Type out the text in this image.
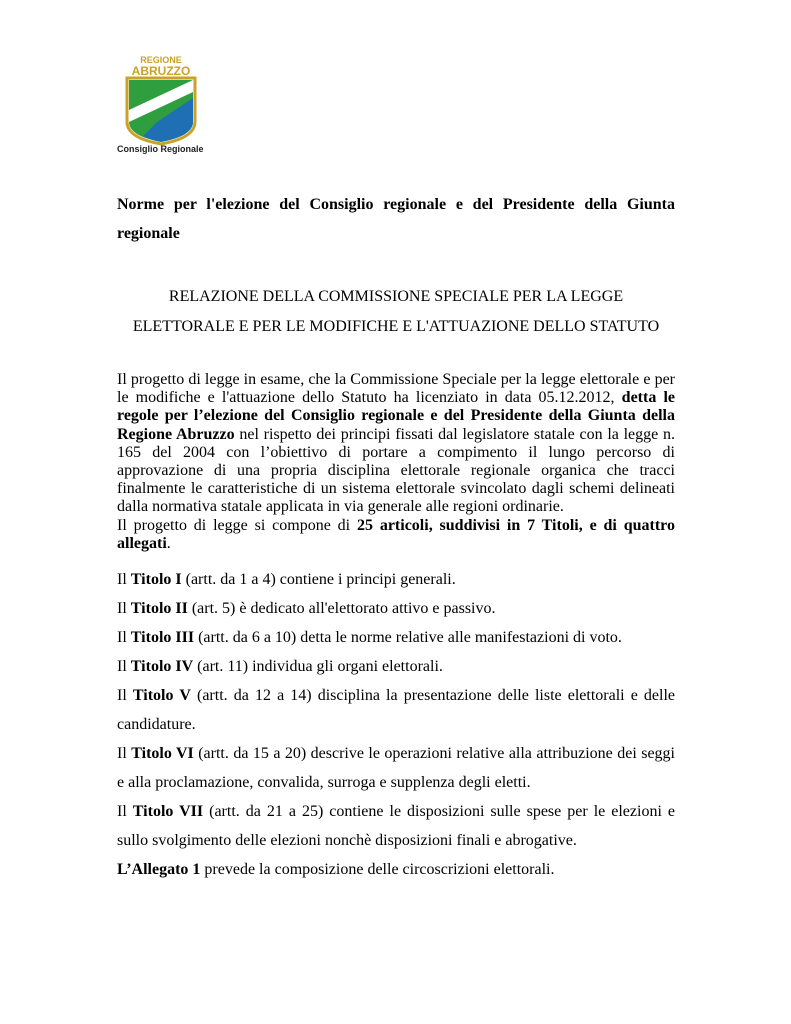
REGIONE
ABRUZZO
Consiglio Regionale
Norme per l'elezione del Consiglio regionale e del Presidente della Giunta
regionale
RELAZIONE DELLA COMMISSIONE SPECIALE PER LA LEGGE
ELETTORALE E PER LE MODIFICHE E L'ATTUAZIONE DELLO STATUTO

Il progetto di legge in esame, che la Commissione Speciale per la legge elettorale e per le modifiche e l'attuazione dello Statuto ha licenziato in data 05.12.2012, detta le regole per l’elezione del Consiglio regionale e del Presidente della Giunta della Regione Abruzzo nel rispetto dei principi fissati dal legislatore statale con la legge n. 165 del 2004 con l’obiettivo di portare a compimento il lungo percorso di approvazione di una propria disciplina elettorale regionale organica che tracci finalmente le caratteristiche di un sistema elettorale svincolato dagli schemi delineati dalla normativa statale applicata in via generale alle regioni ordinarie.

Il progetto di legge si compone di 25 articoli, suddivisi in 7 Titoli, e di quattro allegati.

Il Titolo I (artt. da 1 a 4) contiene i principi generali.

Il Titolo II (art. 5) è dedicato all'elettorato attivo e passivo.

Il Titolo III (artt. da 6 a 10) detta le norme relative alle manifestazioni di voto.

Il Titolo IV (art. 11) individua gli organi elettorali.

Il Titolo V (artt. da 12 a 14) disciplina la presentazione delle liste elettorali e delle candidature.

Il Titolo VI (artt. da 15 a 20) descrive le operazioni relative alla attribuzione dei seggi e alla proclamazione, convalida, surroga e supplenza degli eletti.

Il Titolo VII (artt. da 21 a 25) contiene le disposizioni sulle spese per le elezioni e sullo svolgimento delle elezioni nonchè disposizioni finali e abrogative.

L’Allegato 1 prevede la composizione delle circoscrizioni elettorali.
